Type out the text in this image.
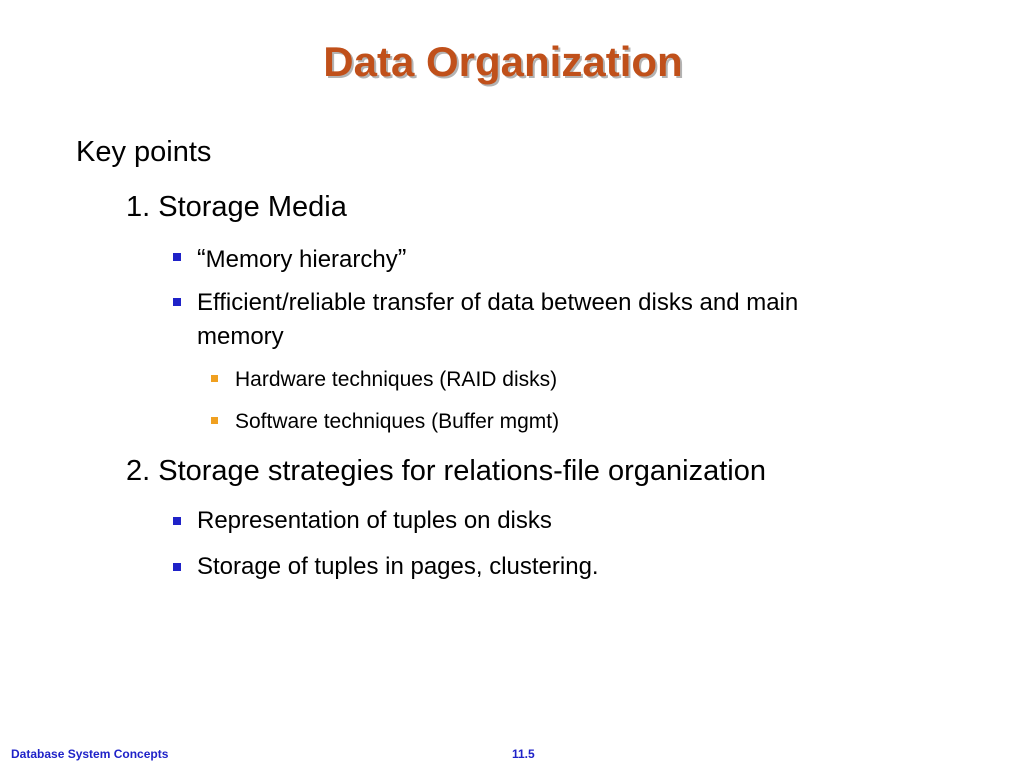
Data Organization
Key points
1. Storage Media
“Memory hierarchy”
Efficient/reliable transfer of data between disks and main
memory
Hardware techniques (RAID disks)
Software techniques (Buffer mgmt)
2. Storage strategies for relations-file organization
Representation of tuples on disks
Storage of tuples in pages, clustering.
Database System Concepts	11.5
